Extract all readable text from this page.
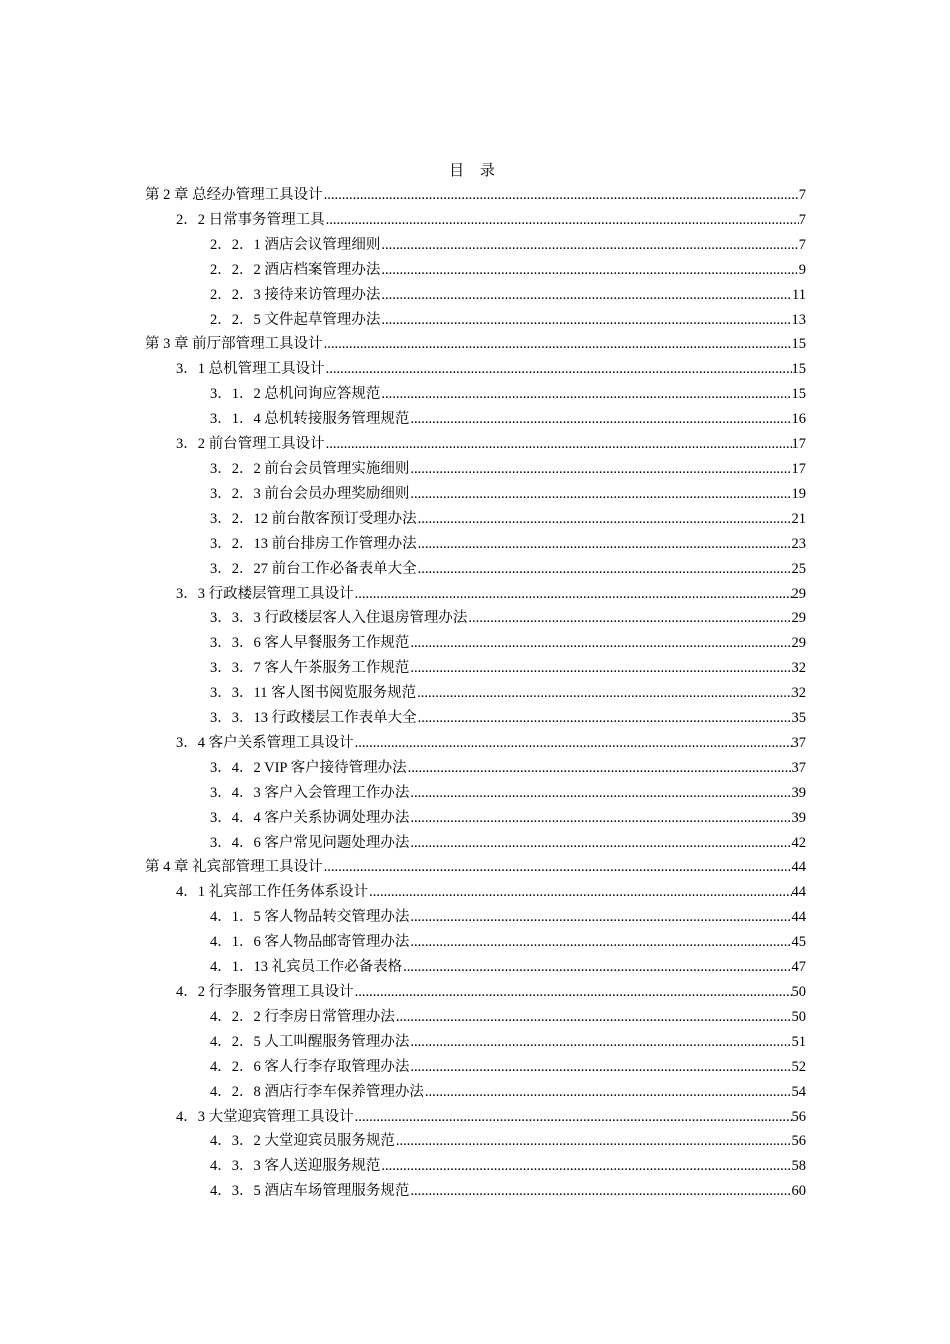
目 录
第 2 章 总经办管理工具设计 .....	7
2．2 日常事务管理工具 .....	7
2．2．1 酒店会议管理细则 .....	7
2．2．2 酒店档案管理办法 .....	9
2．2．3 接待来访管理办法 .....	11
2．2．5 文件起草管理办法 .....	13
第 3 章 前厅部管理工具设计 .....	15
3．1 总机管理工具设计 .....	15
3．1．2 总机问询应答规范 .....	15
3．1．4 总机转接服务管理规范 .....	16
3．2 前台管理工具设计 .....	17
3．2．2 前台会员管理实施细则 .....	17
3．2．3 前台会员办理奖励细则 .....	19
3．2．12 前台散客预订受理办法 .....	21
3．2．13 前台排房工作管理办法 .....	23
3．2．27 前台工作必备表单大全 .....	25
3．3 行政楼层管理工具设计 .....	29
3．3．3 行政楼层客人入住退房管理办法 .....	29
3．3．6 客人早餐服务工作规范 .....	29
3．3．7 客人午茶服务工作规范 .....	32
3．3．11 客人图书阅览服务规范 .....	32
3．3．13 行政楼层工作表单大全 .....	35
3．4 客户关系管理工具设计 .....	37
3．4．2 VIP 客户接待管理办法 .....	37
3．4．3 客户入会管理工作办法 .....	39
3．4．4 客户关系协调处理办法 .....	39
3．4．6 客户常见问题处理办法 .....	42
第 4 章 礼宾部管理工具设计 .....	44
4．1 礼宾部工作任务体系设计 .....	44
4．1．5 客人物品转交管理办法 .....	44
4．1．6 客人物品邮寄管理办法 .....	45
4．1．13 礼宾员工作必备表格 .....	47
4．2 行李服务管理工具设计 .....	50
4．2．2 行李房日常管理办法 .....	50
4．2．5 人工叫醒服务管理办法 .....	51
4．2．6 客人行李存取管理办法 .....	52
4．2．8 酒店行李车保养管理办法 .....	54
4．3 大堂迎宾管理工具设计 .....	56
4．3．2 大堂迎宾员服务规范 .....	56
4．3．3 客人送迎服务规范 .....	58
4．3．5 酒店车场管理服务规范 .....	60
